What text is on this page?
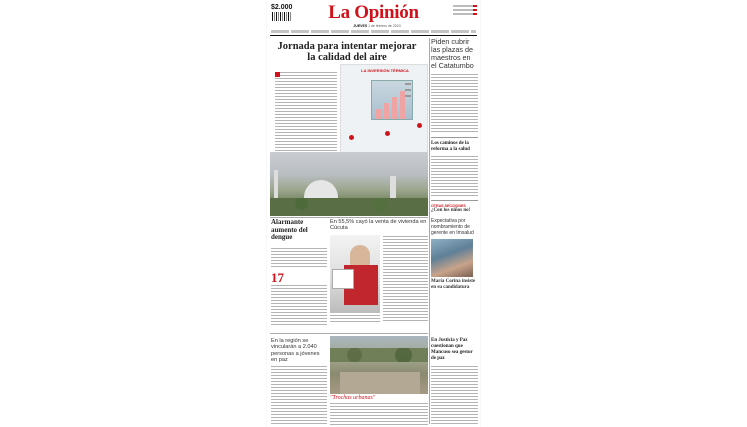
$2.000	La Opinión
JUEVES 1 de febrero de 2024
Jornada para intentar mejorar la calidad del aire
LA INVERSIÓN TÉRMICA
Piden cubrir las plazas de maestros en el Catatumbo
Los caminos de la reforma a la salud
OTRAS SECCIONES
¿Con los niños no!
Expectativa por nombramiento de gerente en Imsalud
María Corina insiste en su candidatura
Alarmante aumento del dengue
17
En 55,5% cayó la venta de vivienda en Cúcuta
En la región se vincularán a 2.040 personas a jóvenes en paz
"Trochas urbanas"
En Justicia y Paz cuestionan que Mancuso sea gestor de paz
